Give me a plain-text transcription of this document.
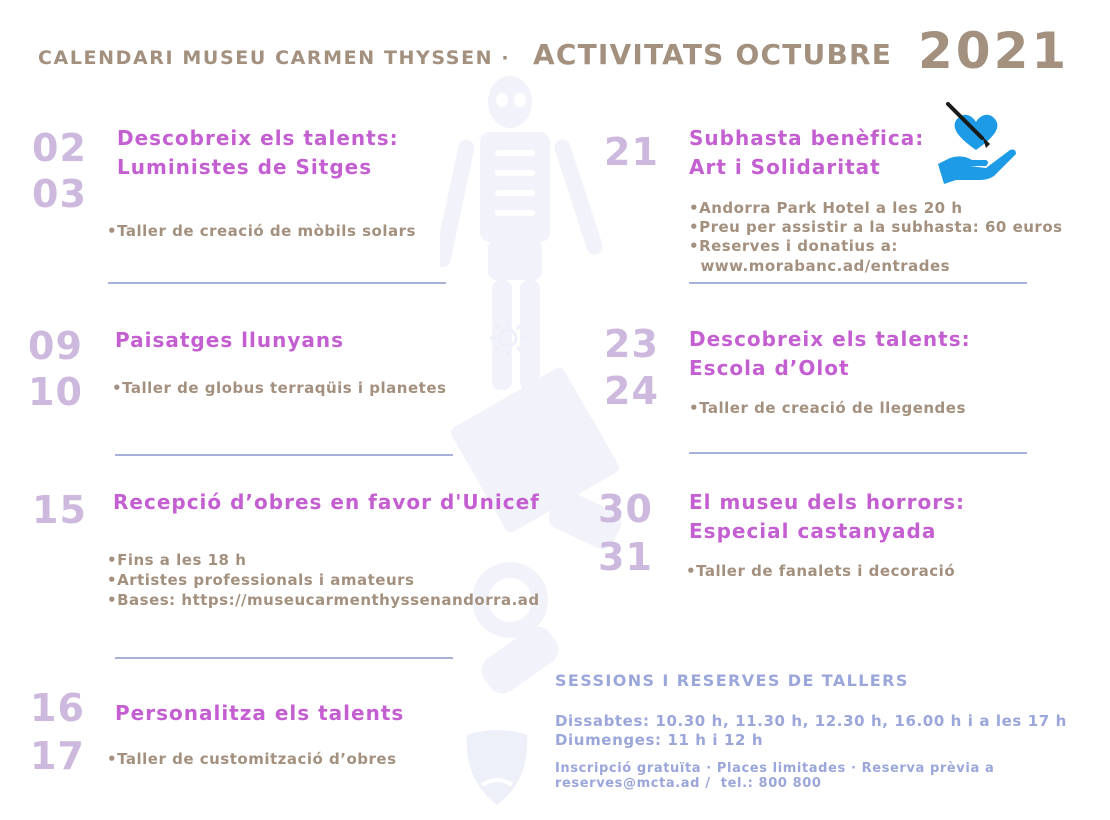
CALENDARI MUSEU CARMEN THYSSEN · ACTIVITATS OCTUBRE 2021
02
03
Descobreix els talents:
Luministes de Sitges
•Taller de creació de mòbils solars
09
10
Paisatges llunyans
•Taller de globus terraqüis i planetes
15 Recepció d’obres en favor d'Unicef
•Fins a les 18 h
•Artistes professionals i amateurs
•Bases: https://museucarmenthyssenandorra.ad
16
17
Personalitza els talents
•Taller de customització d’obres
21 Subhasta benèfica:
Art i Solidaritat
•Andorra Park Hotel a les 20 h
•Preu per assistir a la subhasta: 60 euros
•Reserves i donatius a:
www.morabanc.ad/entrades
23
24
Descobreix els talents:
Escola d’Olot
•Taller de creació de llegendes
30
31
El museu dels horrors:
Especial castanyada
•Taller de fanalets i decoració
SESSIONS I RESERVES DE TALLERS
Dissabtes: 10.30 h, 11.30 h, 12.30 h, 16.00 h i a les 17 h
Diumenges: 11 h i 12 h
Inscripció gratuïta · Places limitades · Reserva prèvia a
reserves@mcta.ad /  tel.: 800 800
